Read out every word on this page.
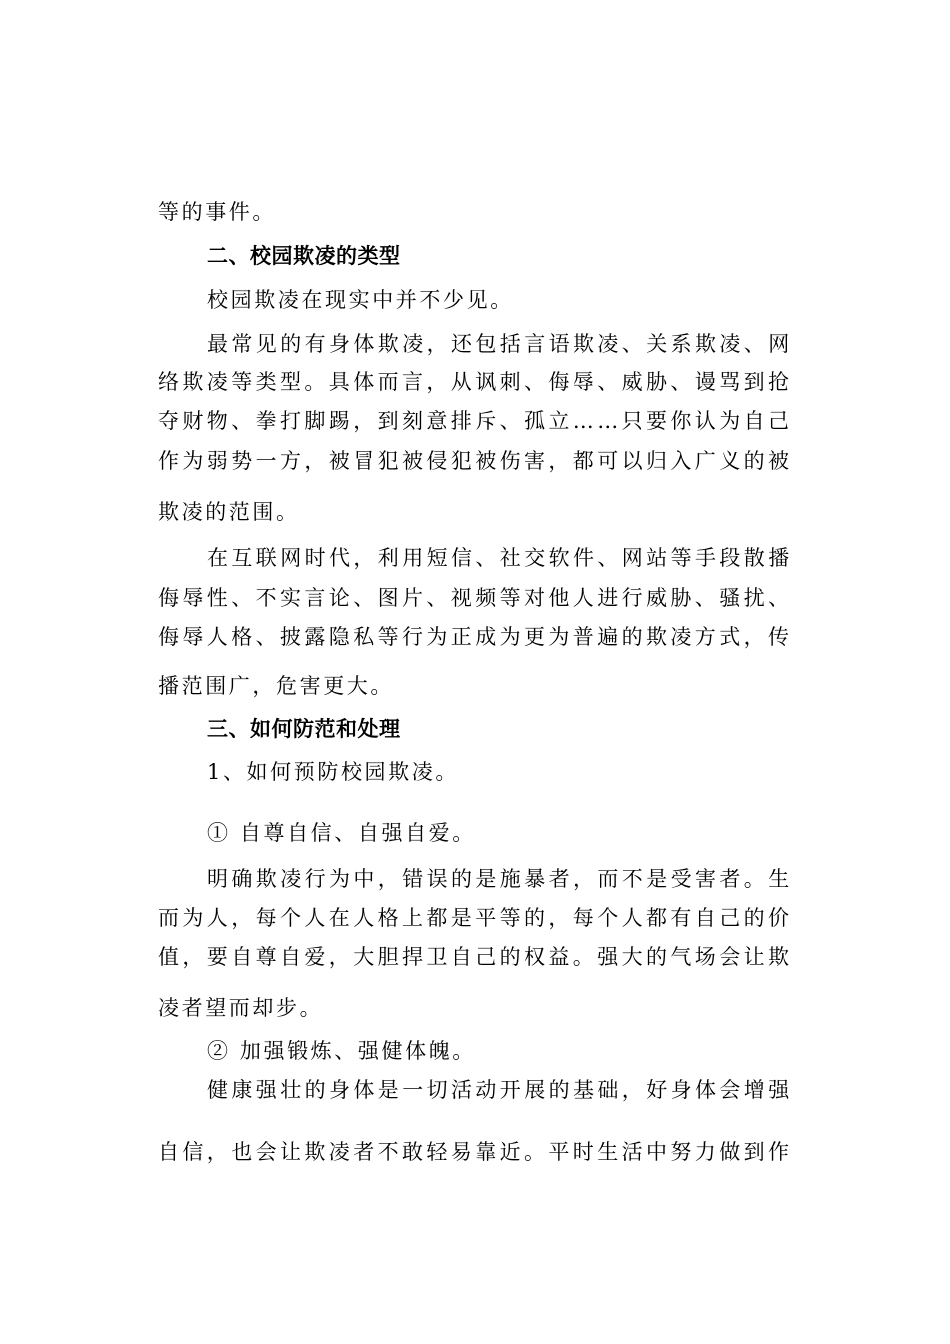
等的事件。
二、校园欺凌的类型
校园欺凌在现实中并不少见。
最常见的有身体欺凌，还包括言语欺凌、关系欺凌、网
络欺凌等类型。具体而言，从讽刺、侮辱、威胁、谩骂到抢
夺财物、拳打脚踢，到刻意排斥、孤立……只要你认为自己
作为弱势一方，被冒犯被侵犯被伤害，都可以归入广义的被
欺凌的范围。
在互联网时代，利用短信、社交软件、网站等手段散播
侮辱性、不实言论、图片、视频等对他人进行威胁、骚扰、
侮辱人格、披露隐私等行为正成为更为普遍的欺凌方式，传
播范围广，危害更大。
三、如何防范和处理
1、如何预防校园欺凌。
① 自尊自信、自强自爱。
明确欺凌行为中，错误的是施暴者，而不是受害者。生
而为人，每个人在人格上都是平等的，每个人都有自己的价
值，要自尊自爱，大胆捍卫自己的权益。强大的气场会让欺
凌者望而却步。
② 加强锻炼、强健体魄。
健康强壮的身体是一切活动开展的基础，好身体会增强
自信，也会让欺凌者不敢轻易靠近。平时生活中努力做到作
